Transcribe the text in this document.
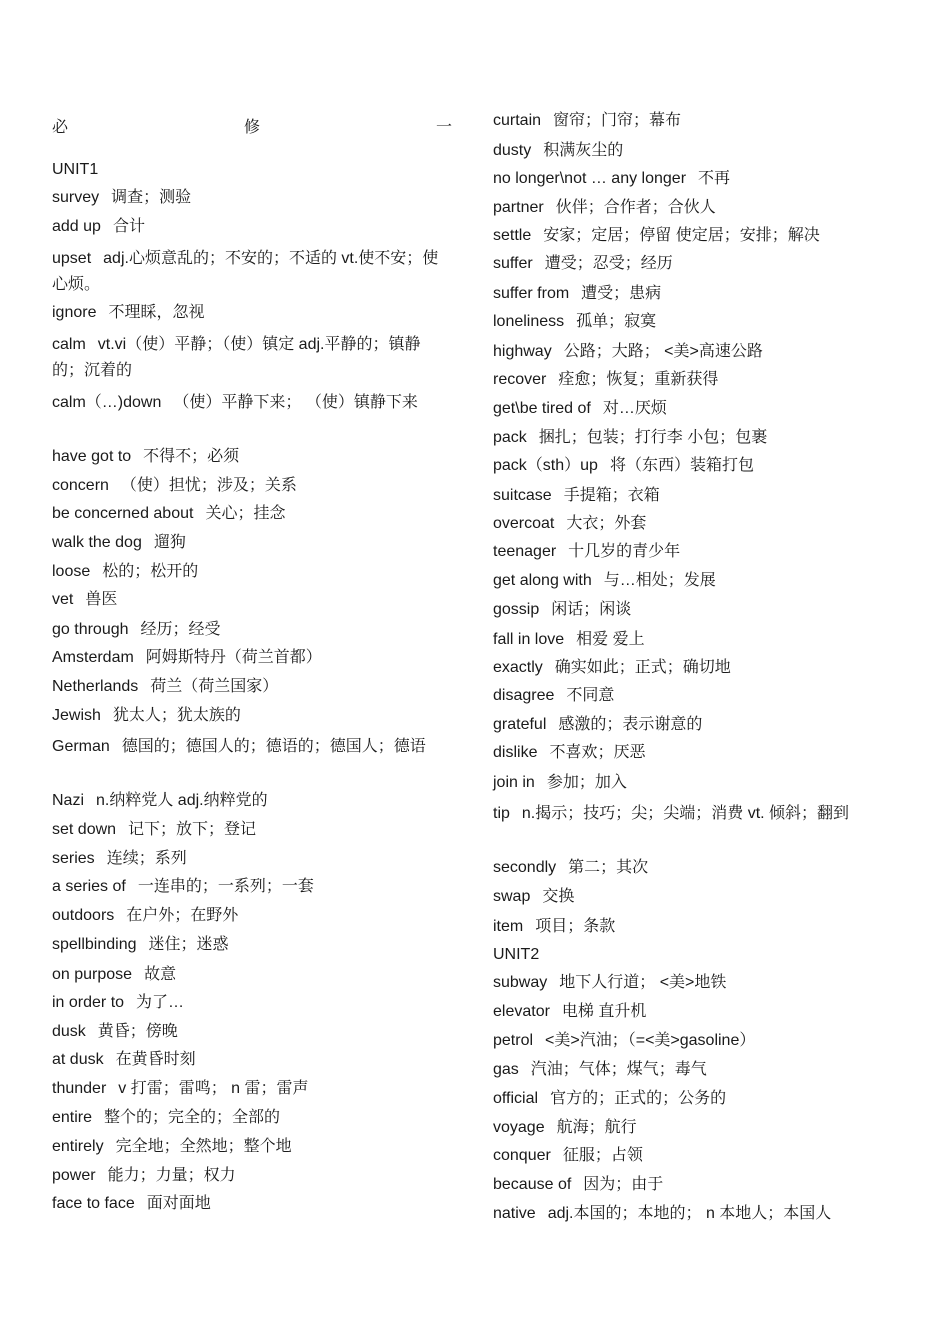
必	修	一
UNIT1
survey 调查；测验
add up 合计
upset adj.心烦意乱的；不安的；不适的 vt.使不安；使心烦。
ignore 不理睬，忽视
calm vt.vi（使）平静；（使）镇定 adj.平静的；镇静的；沉着的
calm（…)down （使）平静下来； （使）镇静下来
have got to 不得不；必须
concern （使）担忧；涉及；关系
be concerned about 关心；挂念
walk the dog 遛狗
loose 松的；松开的
vet 兽医
go through 经历；经受
Amsterdam 阿姆斯特丹（荷兰首都）
Netherlands 荷兰（荷兰国家）
Jewish 犹太人；犹太族的
German 德国的；德国人的；德语的；德国人；德语
Nazi n.纳粹党人 adj.纳粹党的
set down 记下；放下；登记
series 连续；系列
a series of 一连串的；一系列；一套
outdoors 在户外；在野外
spellbinding 迷住；迷惑
on purpose 故意
in order to 为了…
dusk 黄昏；傍晚
at dusk 在黄昏时刻
thunder v 打雷；雷鸣； n 雷；雷声
entire 整个的；完全的；全部的
entirely 完全地；全然地；整个地
power 能力；力量；权力
face to face 面对面地
curtain 窗帘；门帘；幕布
dusty 积满灰尘的
no longer\not … any longer 不再
partner 伙伴；合作者；合伙人
settle 安家；定居；停留 使定居；安排；解决
suffer 遭受；忍受；经历
suffer from 遭受；患病
loneliness 孤单；寂寞
highway 公路；大路； <美>高速公路
recover 痊愈；恢复；重新获得
get\be tired of 对…厌烦
pack 捆扎；包装；打行李 小包；包裹
pack（sth）up 将（东西）装箱打包
suitcase 手提箱；衣箱
overcoat 大衣；外套
teenager 十几岁的青少年
get along with 与…相处；发展
gossip 闲话；闲谈
fall in love 相爱 爱上
exactly 确实如此；正式；确切地
disagree 不同意
grateful 感激的；表示谢意的
dislike 不喜欢；厌恶
join in 参加；加入
tip n.揭示；技巧；尖；尖端；消费 vt. 倾斜；翻到
secondly 第二；其次
swap 交换
item 项目；条款
UNIT2
subway 地下人行道； <美>地铁
elevator 电梯 直升机
petrol <美>汽油；（=<美>gasoline）
gas 汽油；气体；煤气；毒气
official 官方的；正式的；公务的
voyage 航海；航行
conquer 征服；占领
because of 因为；由于
native adj.本国的；本地的； n 本地人；本国人
